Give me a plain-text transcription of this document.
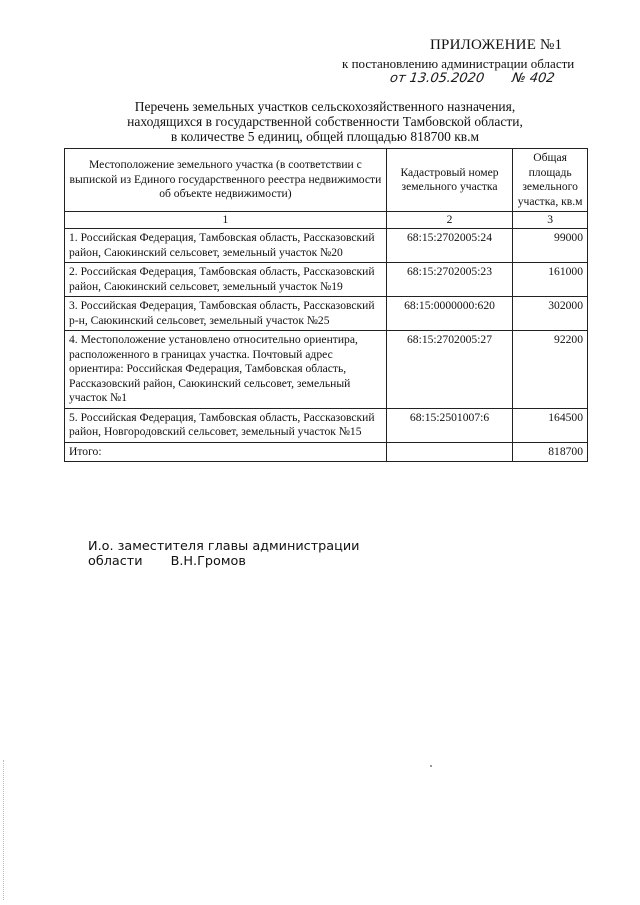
ПРИЛОЖЕНИЕ №1
к постановлению администрации области
от 13.05.2020 № 402
Перечень земельных участков сельскохозяйственного назначения,
находящихся в государственной собственности Тамбовской области,
в количестве 5 единиц, общей площадью 818700 кв.м
Местоположение земельного участка (в соответствии с выпиской из Единого государственного реестра недвижимости об объекте недвижимости)	Кадастровый номер земельного участка	Общая площадь земельного участка, кв.м
1	2	3
1. Российская Федерация, Тамбовская область, Рассказовский район, Саюкинский сельсовет, земельный участок №20	68:15:2702005:24	99000
2. Российская Федерация, Тамбовская область, Рассказовский район, Саюкинский сельсовет, земельный участок №19	68:15:2702005:23	161000
3. Российская Федерация, Тамбовская область, Рассказовский р-н, Саюкинский сельсовет, земельный участок №25	68:15:0000000:620	302000
4. Местоположение установлено относительно ориентира, расположенного в границах участка. Почтовый адрес ориентира: Российская Федерация, Тамбовская область, Рассказовский район, Саюкинский сельсовет, земельный участок №1	68:15:2702005:27	92200
5. Российская Федерация, Тамбовская область, Рассказовский район, Новгородовский сельсовет, земельный участок №15	68:15:2501007:6	164500
Итого:		818700
И.о. заместителя главы администрации
области В.Н.Громов
